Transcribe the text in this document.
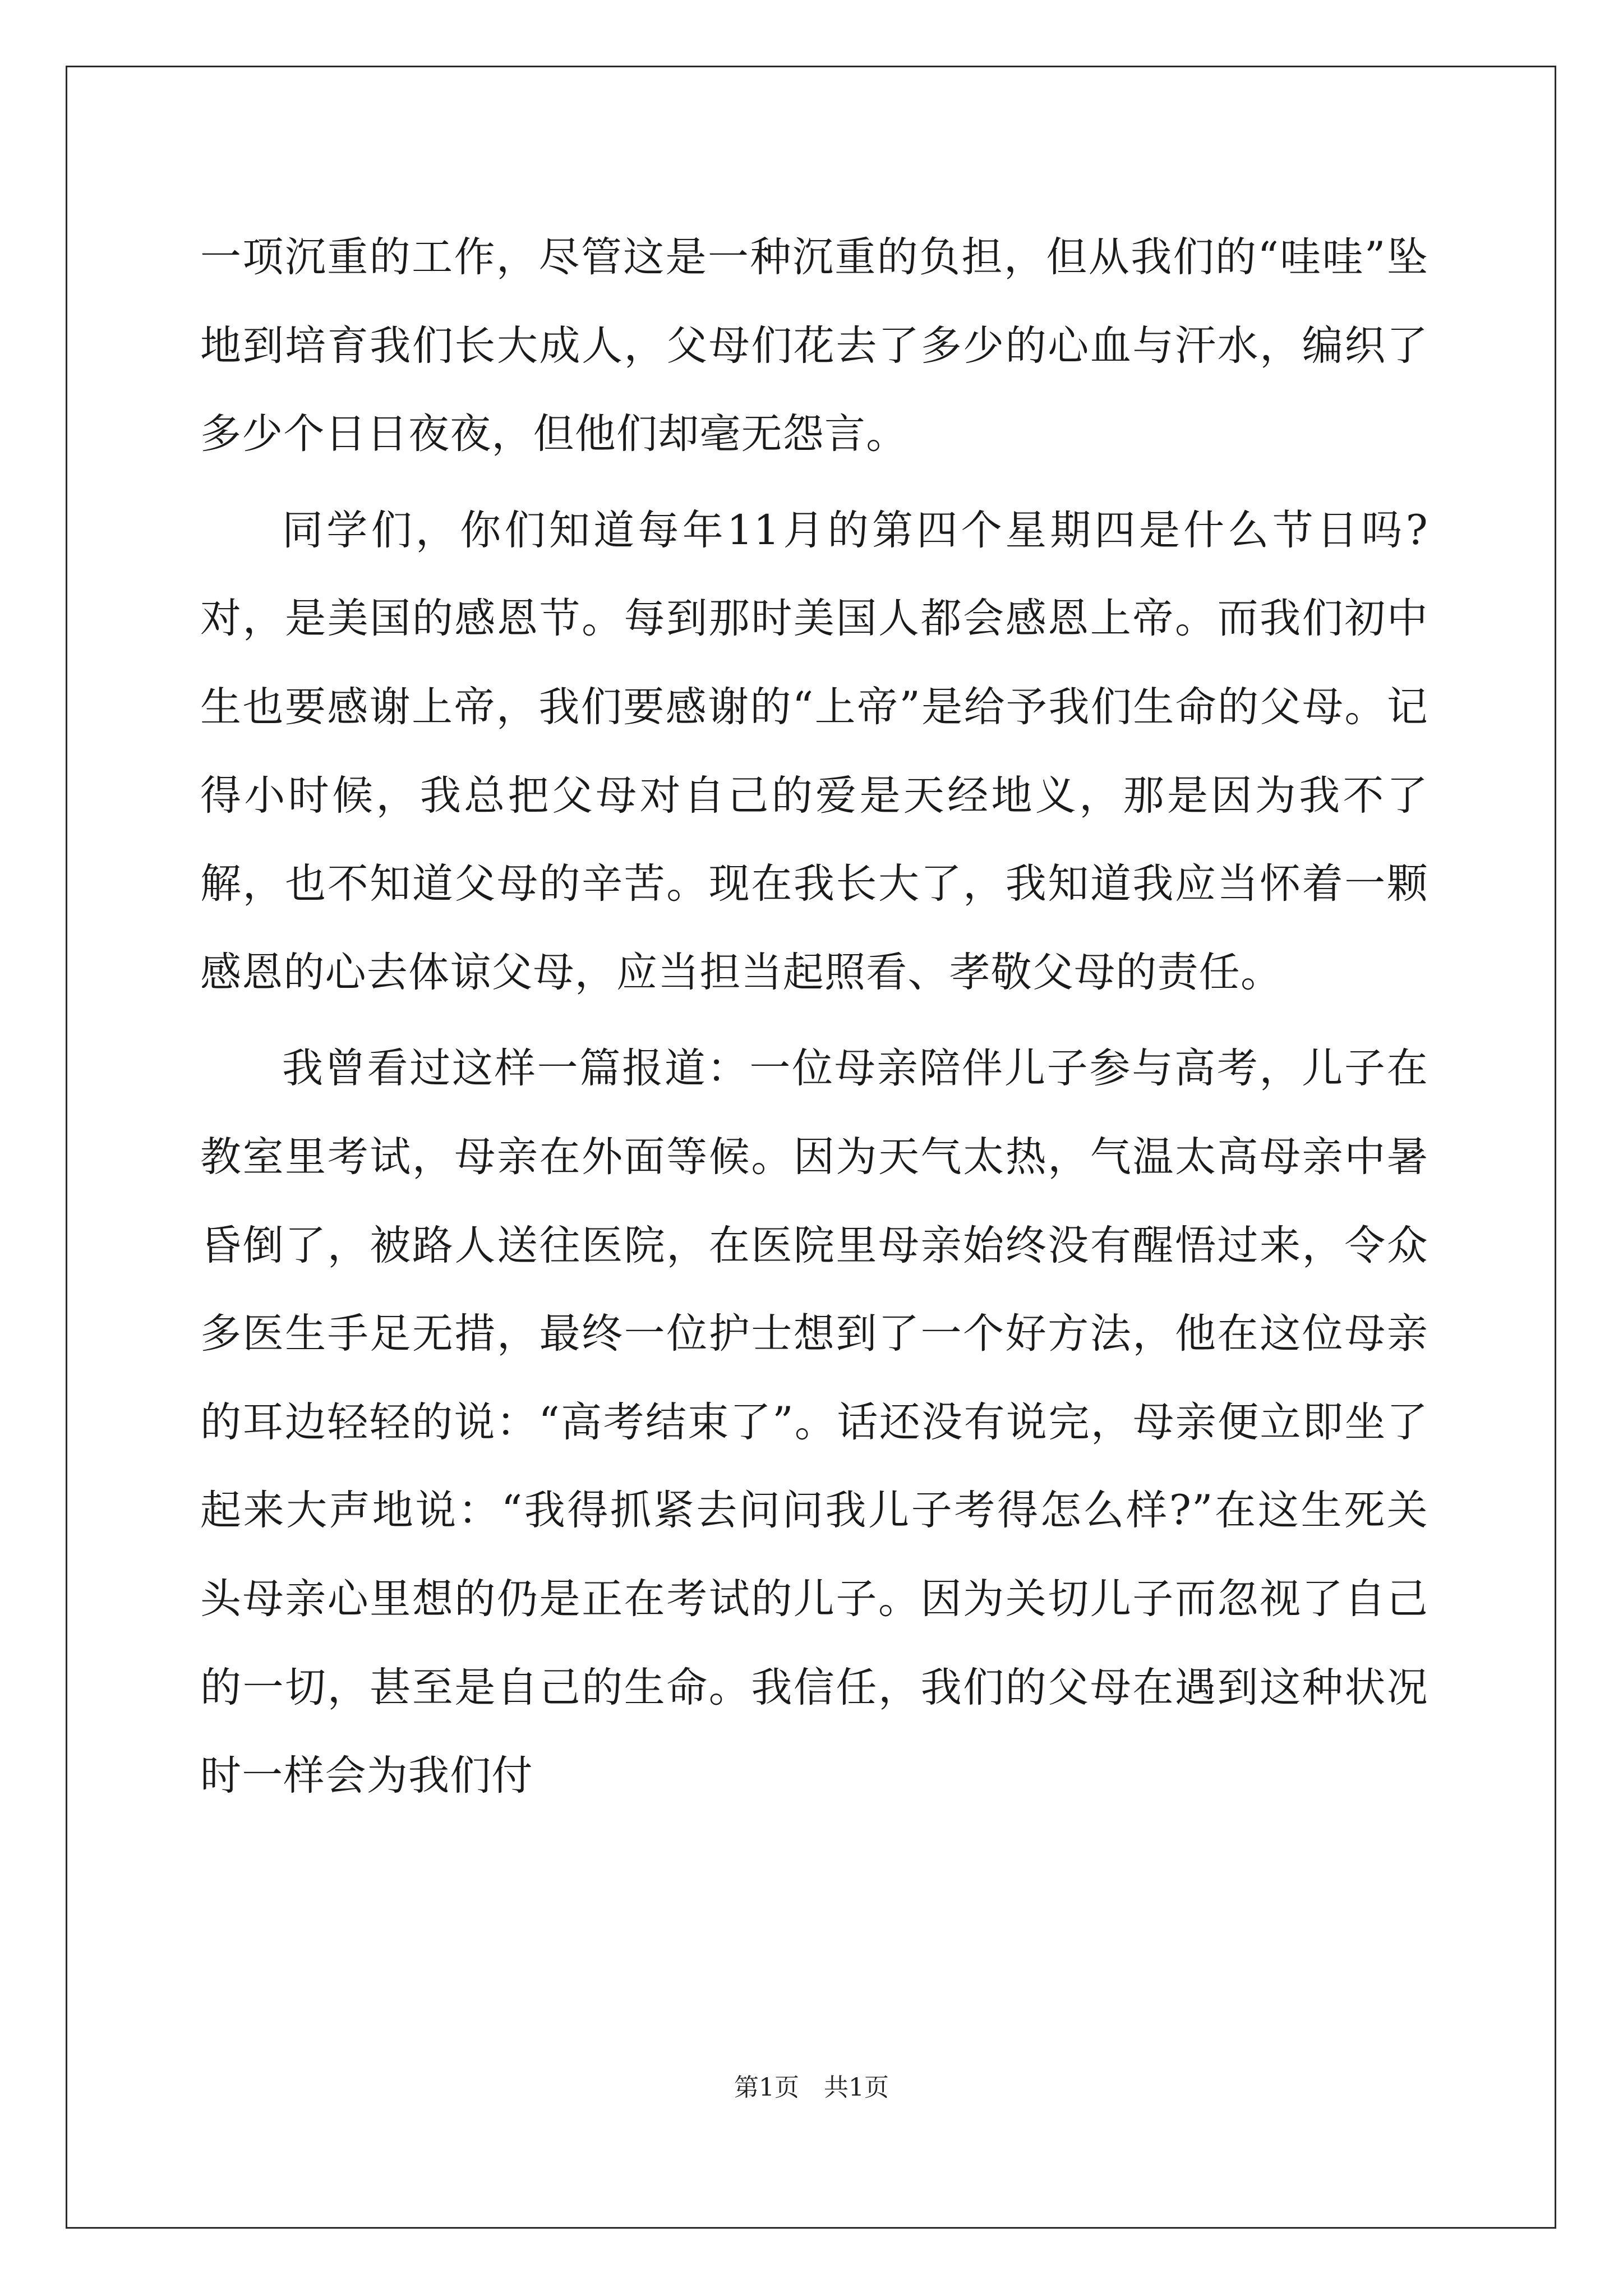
一项沉重的工作，尽管这是一种沉重的负担，但从我们的“哇哇”坠地到培育我们长大成人，父母们花去了多少的心血与汗水，编织了多少个日日夜夜，但他们却毫无怨言。

同学们，你们知道每年11月的第四个星期四是什么节日吗?对，是美国的感恩节。每到那时美国人都会感恩上帝。而我们初中生也要感谢上帝，我们要感谢的“上帝”是给予我们生命的父母。记得小时候，我总把父母对自己的爱是天经地义，那是因为我不了解，也不知道父母的辛苦。现在我长大了，我知道我应当怀着一颗感恩的心去体谅父母，应当担当起照看、孝敬父母的责任。

我曾看过这样一篇报道：一位母亲陪伴儿子参与高考，儿子在教室里考试，母亲在外面等候。因为天气太热，气温太高母亲中暑昏倒了，被路人送往医院，在医院里母亲始终没有醒悟过来，令众多医生手足无措，最终一位护士想到了一个好方法，他在这位母亲的耳边轻轻的说：“高考结束了”。话还没有说完，母亲便立即坐了起来大声地说：“我得抓紧去问问我儿子考得怎么样?”在这生死关头母亲心里想的仍是正在考试的儿子。因为关切儿子而忽视了自己的一切，甚至是自己的生命。我信任，我们的父母在遇到这种状况时一样会为我们付

第1页 共1页
